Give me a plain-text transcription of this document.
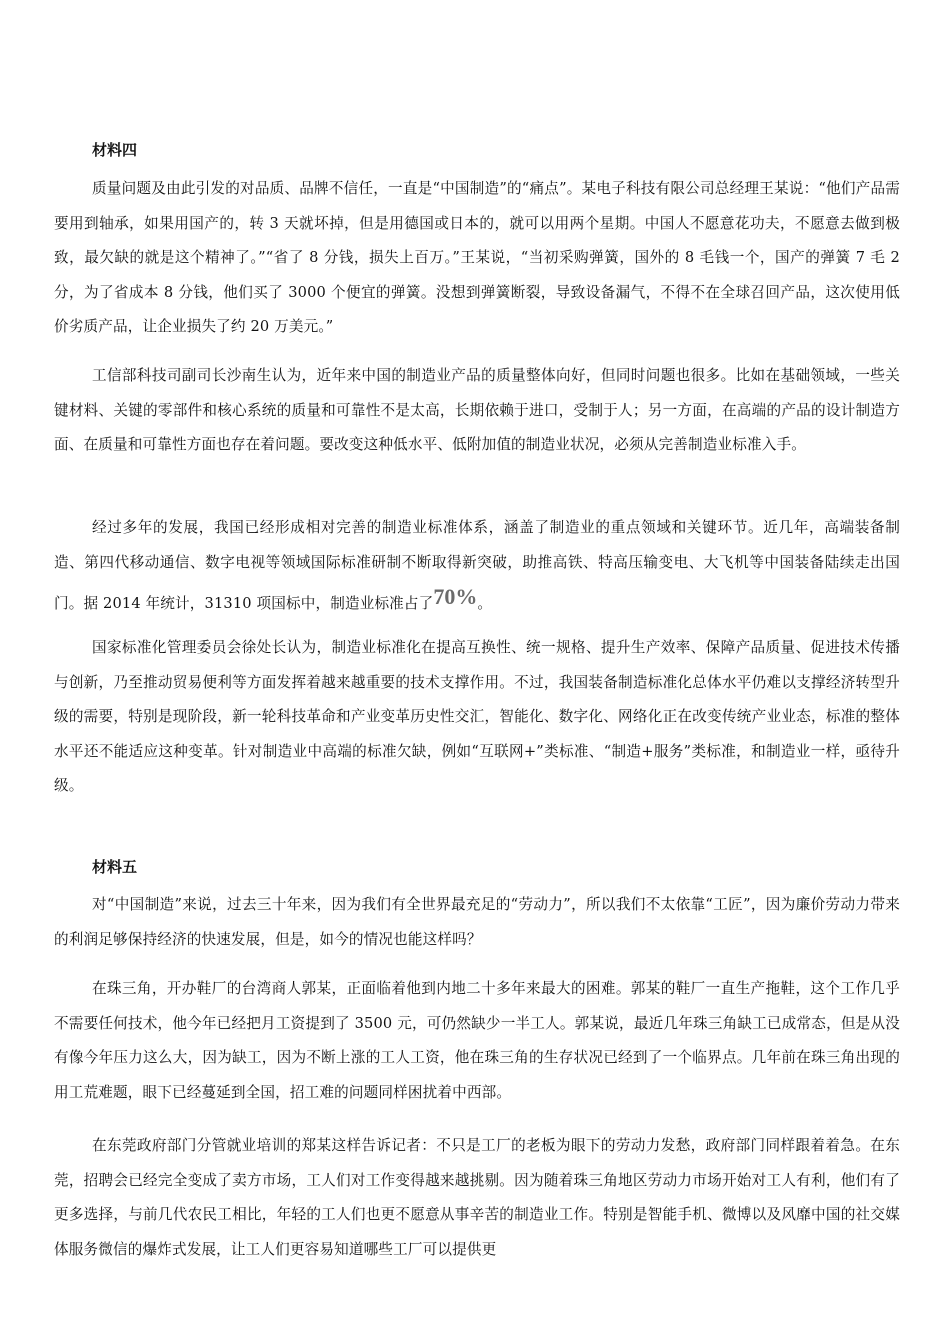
材料四

质量问题及由此引发的对品质、品牌不信任，一直是“中国制造”的“痛点”。某电子科技有限公司总经理王某说：“他们产品需要用到轴承，如果用国产的，转 3 天就坏掉，但是用德国或日本的，就可以用两个星期。中国人不愿意花功夫，不愿意去做到极致，最欠缺的就是这个精神了。”“省了 8 分钱，损失上百万。”王某说，“当初采购弹簧，国外的 8 毛钱一个，国产的弹簧 7 毛 2 分，为了省成本 8 分钱，他们买了 3000 个便宜的弹簧。没想到弹簧断裂，导致设备漏气，不得不在全球召回产品，这次使用低价劣质产品，让企业损失了约 20 万美元。”

工信部科技司副司长沙南生认为，近年来中国的制造业产品的质量整体向好，但同时问题也很多。比如在基础领域，一些关键材料、关键的零部件和核心系统的质量和可靠性不是太高，长期依赖于进口，受制于人；另一方面，在高端的产品的设计制造方面、在质量和可靠性方面也存在着问题。要改变这种低水平、低附加值的制造业状况，必须从完善制造业标准入手。

经过多年的发展，我国已经形成相对完善的制造业标准体系，涵盖了制造业的重点领域和关键环节。近几年，高端装备制造、第四代移动通信、数字电视等领域国际标准研制不断取得新突破，助推高铁、特高压输变电、大飞机等中国装备陆续走出国门。据 2014 年统计，31310 项国标中，制造业标准占了70%。

国家标准化管理委员会徐处长认为，制造业标准化在提高互换性、统一规格、提升生产效率、保障产品质量、促进技术传播与创新，乃至推动贸易便利等方面发挥着越来越重要的技术支撑作用。不过，我国装备制造标准化总体水平仍难以支撑经济转型升级的需要，特别是现阶段，新一轮科技革命和产业变革历史性交汇，智能化、数字化、网络化正在改变传统产业业态，标准的整体水平还不能适应这种变革。针对制造业中高端的标准欠缺，例如“互联网+”类标准、“制造+服务”类标准，和制造业一样，亟待升级。

材料五

对“中国制造”来说，过去三十年来，因为我们有全世界最充足的“劳动力”，所以我们不太依靠“工匠”，因为廉价劳动力带来的利润足够保持经济的快速发展，但是，如今的情况也能这样吗？

在珠三角，开办鞋厂的台湾商人郭某，正面临着他到内地二十多年来最大的困难。郭某的鞋厂一直生产拖鞋，这个工作几乎不需要任何技术，他今年已经把月工资提到了 3500 元，可仍然缺少一半工人。郭某说，最近几年珠三角缺工已成常态，但是从没有像今年压力这么大，因为缺工，因为不断上涨的工人工资，他在珠三角的生存状况已经到了一个临界点。几年前在珠三角出现的用工荒难题，眼下已经蔓延到全国，招工难的问题同样困扰着中西部。

在东莞政府部门分管就业培训的郑某这样告诉记者：不只是工厂的老板为眼下的劳动力发愁，政府部门同样跟着着急。在东莞，招聘会已经完全变成了卖方市场，工人们对工作变得越来越挑剔。因为随着珠三角地区劳动力市场开始对工人有利，他们有了更多选择，与前几代农民工相比，年轻的工人们也更不愿意从事辛苦的制造业工作。特别是智能手机、微博以及风靡中国的社交媒体服务微信的爆炸式发展，让工人们更容易知道哪些工厂可以提供更
